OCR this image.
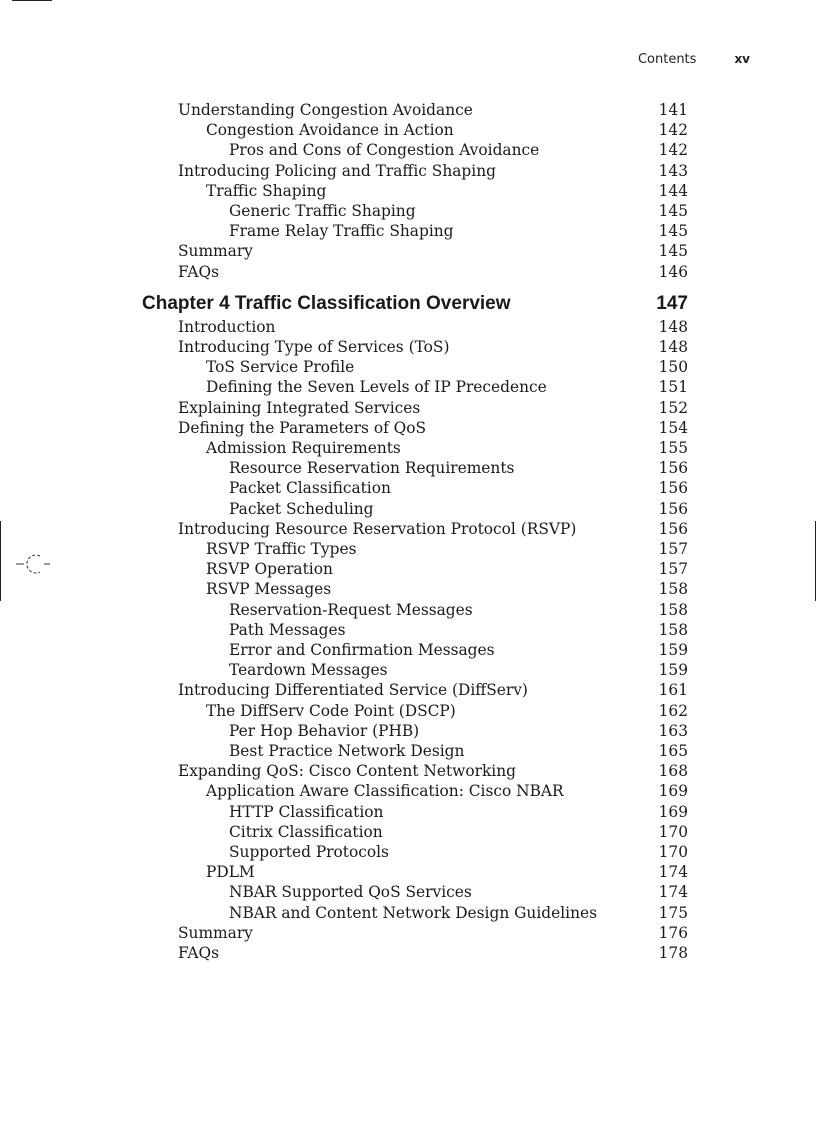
Contents	xv
Understanding Congestion Avoidance	141
Congestion Avoidance in Action	142
Pros and Cons of Congestion Avoidance	142
Introducing Policing and Traffic Shaping	143
Traffic Shaping	144
Generic Traffic Shaping	145
Frame Relay Traffic Shaping	145
Summary	145
FAQs	146
Chapter 4 Traffic Classification Overview	147
Introduction	148
Introducing Type of Services (ToS)	148
ToS Service Profile	150
Defining the Seven Levels of IP Precedence	151
Explaining Integrated Services	152
Defining the Parameters of QoS	154
Admission Requirements	155
Resource Reservation Requirements	156
Packet Classification	156
Packet Scheduling	156
Introducing Resource Reservation Protocol (RSVP)	156
RSVP Traffic Types	157
RSVP Operation	157
RSVP Messages	158
Reservation-Request Messages	158
Path Messages	158
Error and Confirmation Messages	159
Teardown Messages	159
Introducing Differentiated Service (DiffServ)	161
The DiffServ Code Point (DSCP)	162
Per Hop Behavior (PHB)	163
Best Practice Network Design	165
Expanding QoS: Cisco Content Networking	168
Application Aware Classification: Cisco NBAR	169
HTTP Classification	169
Citrix Classification	170
Supported Protocols	170
PDLM	174
NBAR Supported QoS Services	174
NBAR and Content Network Design Guidelines	175
Summary	176
FAQs	178
